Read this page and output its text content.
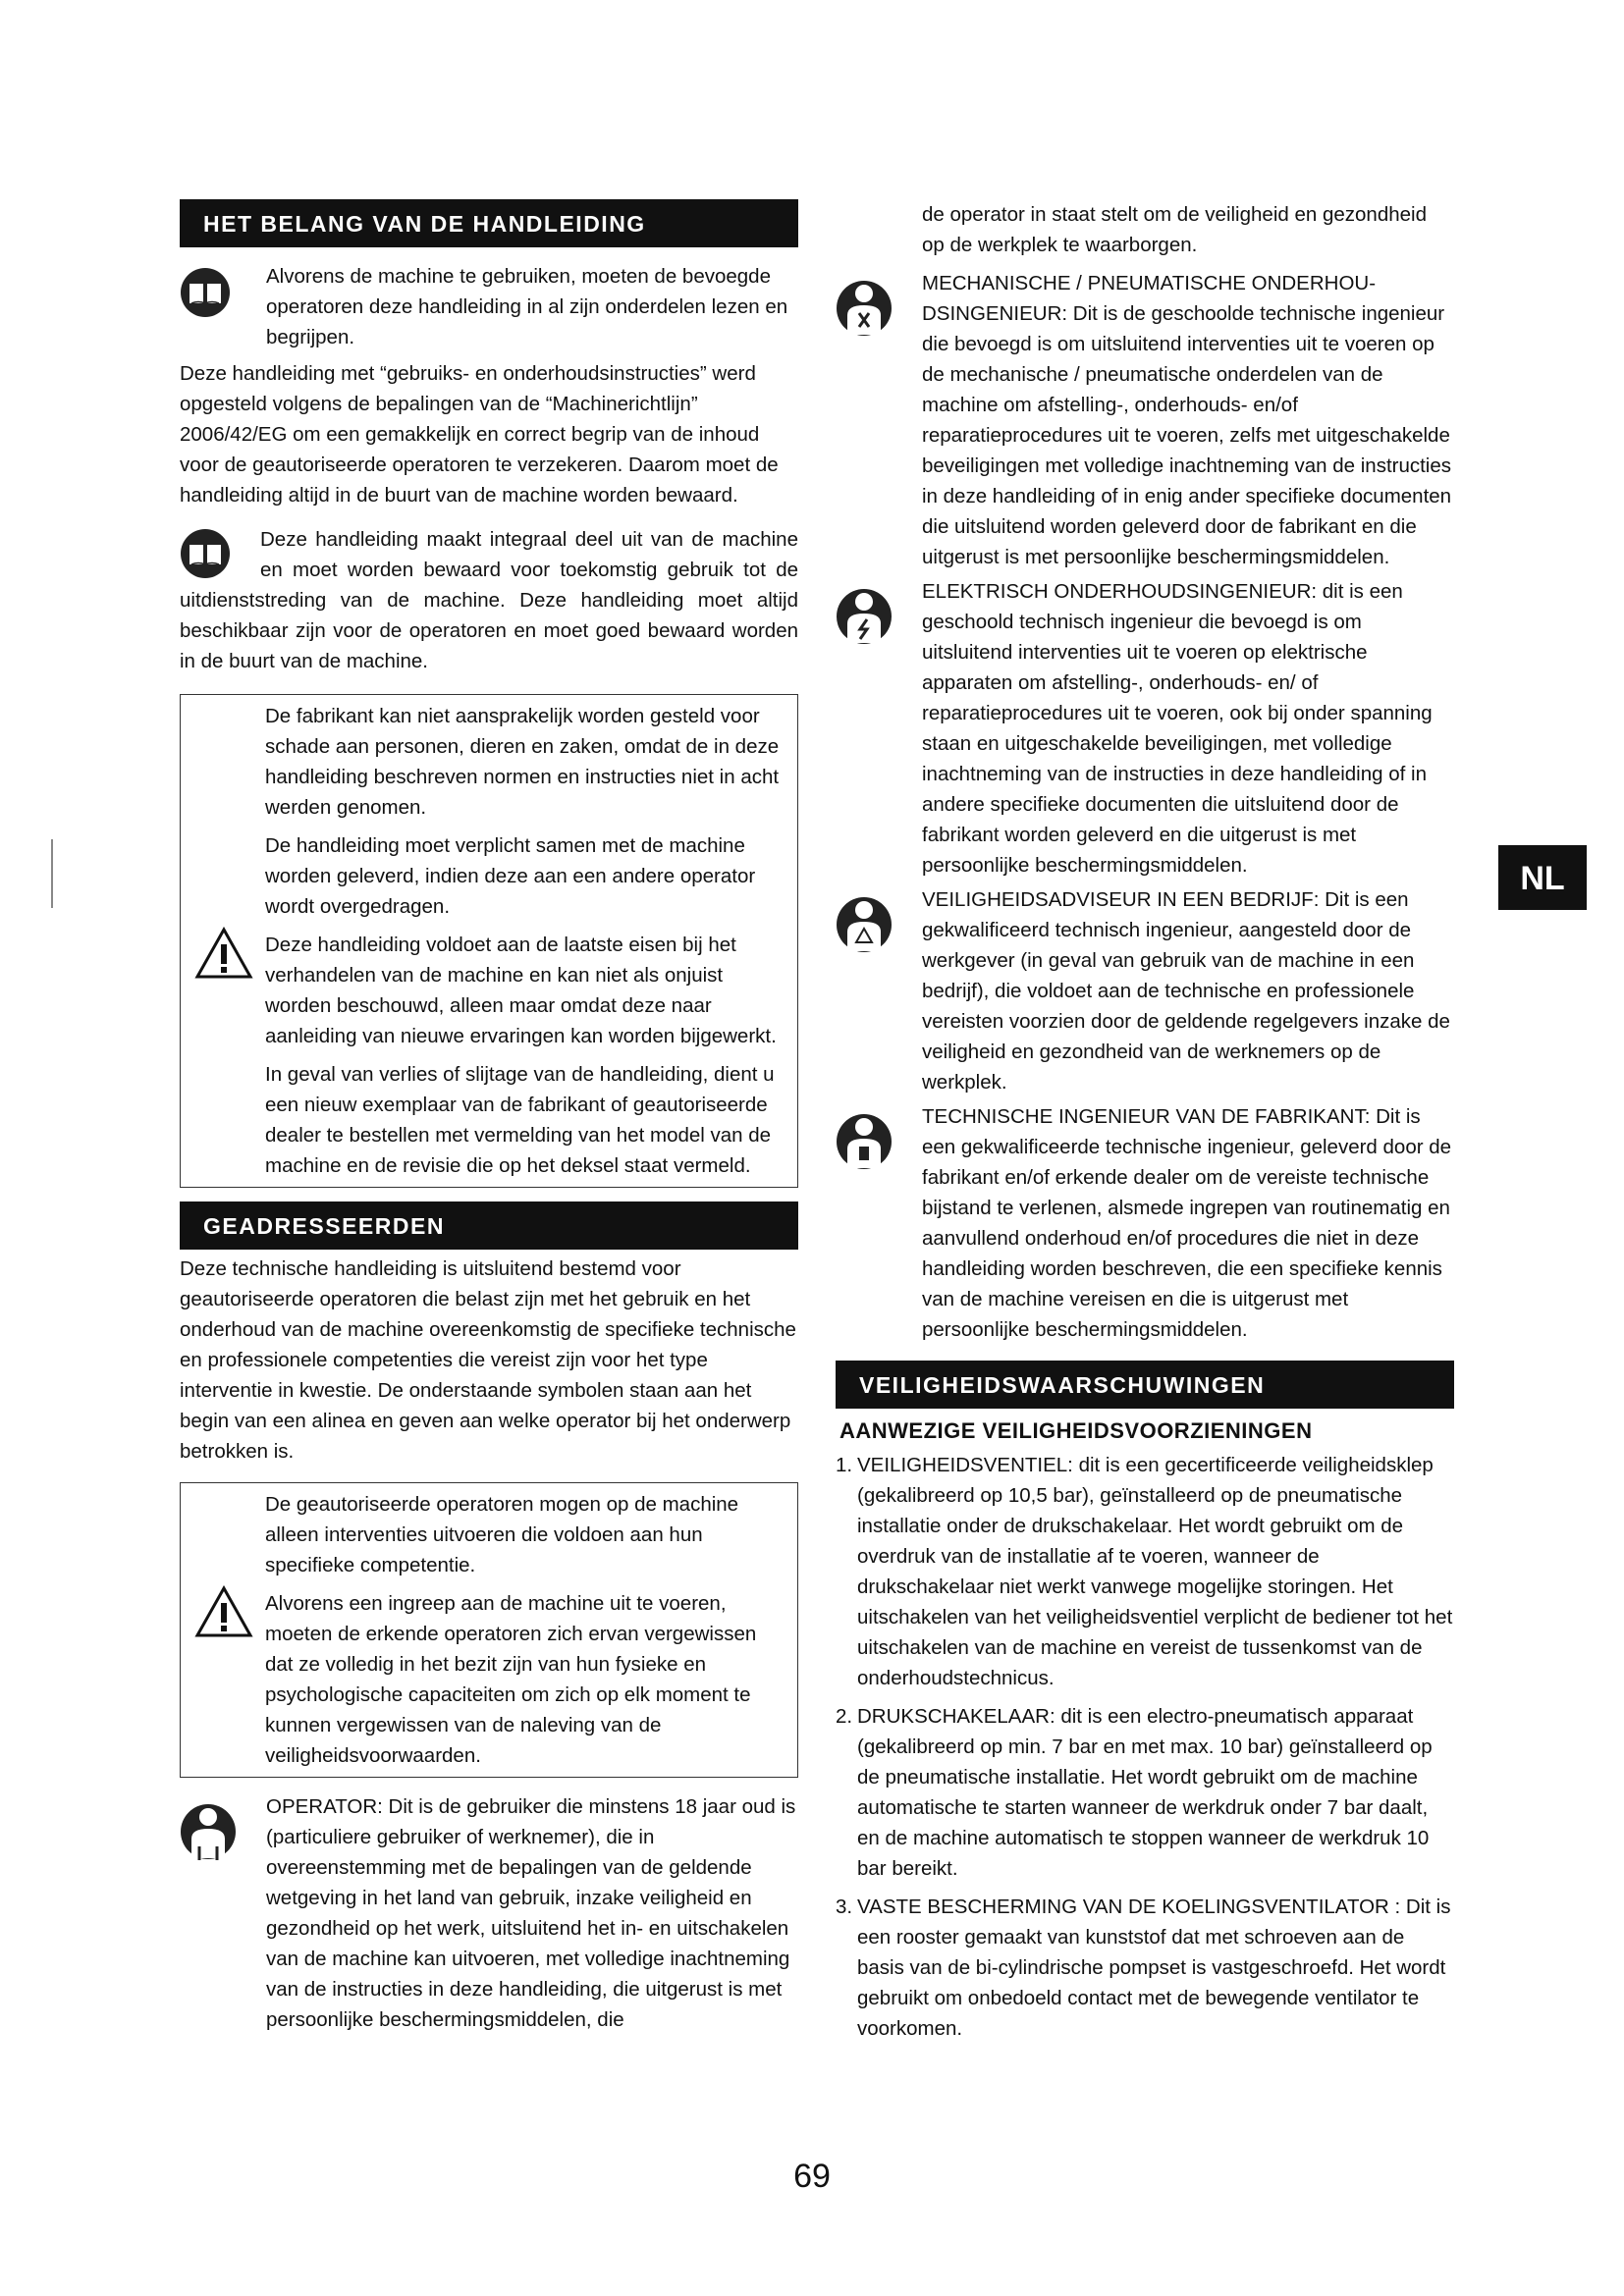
HET BELANG VAN DE HANDLEIDING
Alvorens de machine te gebruiken, moeten de bevoegde operatoren deze handleiding in al zijn onderdelen lezen en begrijpen.
Deze handleiding met “gebruiks- en onderhoudsinstructies” werd opgesteld volgens de bepalingen van de “Machinerichtlijn” 2006/42/EG om een gemakkelijk en correct begrip van de inhoud voor de geautoriseerde operatoren te verzekeren. Daarom moet de handleiding altijd in de buurt van de machine worden bewaard.
Deze handleiding maakt integraal deel uit van de machine en moet worden bewaard voor toekomstig gebruik tot de uitdienststreding van de machine. Deze handleiding moet altijd beschikbaar zijn voor de operatoren en moet goed bewaard worden in de buurt van de machine.
De fabrikant kan niet aansprakelijk worden gesteld voor schade aan personen, dieren en zaken, omdat de in deze handleiding beschreven normen en instructies niet in acht werden genomen.
De handleiding moet verplicht samen met de machine worden geleverd, indien deze aan een andere operator wordt overgedragen.
Deze handleiding voldoet aan de laatste eisen bij het verhandelen van de machine en kan niet als onjuist worden beschouwd, alleen maar omdat deze naar aanleiding van nieuwe ervaringen kan worden bijgewerkt.
In geval van verlies of slijtage van de handleiding, dient u een nieuw exemplaar van de fabrikant of geautoriseerde dealer te bestellen met vermelding van het model van de machine en de revisie die op het deksel staat vermeld.
GEADRESSEERDEN
Deze technische handleiding is uitsluitend bestemd voor geautoriseerde operatoren die belast zijn met het gebruik en het onderhoud van de machine overeenkomstig de specifieke technische en professionele competenties die vereist zijn voor het type interventie in kwestie. De onderstaande symbolen staan aan het begin van een alinea en geven aan welke operator bij het onderwerp betrokken is.
De geautoriseerde operatoren mogen op de machine alleen interventies uitvoeren die voldoen aan hun specifieke competentie.
Alvorens een ingreep aan de machine uit te voeren, moeten de erkende operatoren zich ervan vergewissen dat ze volledig in het bezit zijn van hun fysieke en psychologische capaciteiten om zich op elk moment te kunnen vergewissen van de naleving van de veiligheidsvoorwaarden.
OPERATOR: Dit is de gebruiker die minstens 18 jaar oud is (particuliere gebruiker of werknemer), die in overeenstemming met de bepalingen van de geldende wetgeving in het land van gebruik, inzake veiligheid en gezondheid op het werk, uitsluitend het in- en uitschakelen van de machine kan uitvoeren, met volledige inachtneming van de instructies in deze handleiding, die uitgerust is met persoonlijke beschermingsmiddelen, die
de operator in staat stelt om de veiligheid en gezondheid op de werkplek te waarborgen.
MECHANISCHE / PNEUMATISCHE ONDERHOU-DSINGENIEUR: Dit is de geschoolde technische ingenieur die bevoegd is om uitsluitend interventies uit te voeren op de mechanische / pneumatische onderdelen van de machine om afstelling-, onderhouds- en/of reparatieprocedures uit te voeren, zelfs met uitgeschakelde beveiligingen met volledige inachtneming van de instructies in deze handleiding of in enig ander specifieke documenten die uitsluitend worden geleverd door de fabrikant en die uitgerust is met persoonlijke beschermingsmiddelen.
ELEKTRISCH ONDERHOUDSINGENIEUR: dit is een geschoold technisch ingenieur die bevoegd is om uitsluitend interventies uit te voeren op elektrische apparaten om afstelling-, onderhouds- en/ of reparatieprocedures uit te voeren, ook bij onder spanning staan en uitgeschakelde beveiligingen, met volledige inachtneming van de instructies in deze handleiding of in andere specifieke documenten die uitsluitend door de fabrikant worden geleverd en die uitgerust is met persoonlijke beschermingsmiddelen.
VEILIGHEIDSADVISEUR IN EEN BEDRIJF: Dit is een gekwalificeerd technisch ingenieur, aangesteld door de werkgever (in geval van gebruik van de machine in een bedrijf), die voldoet aan de technische en professionele vereisten voorzien door de geldende regelgevers inzake de veiligheid en gezondheid van de werknemers op de werkplek.
TECHNISCHE INGENIEUR VAN DE FABRIKANT: Dit is een gekwalificeerde technische ingenieur, geleverd door de fabrikant en/of erkende dealer om de vereiste technische bijstand te verlenen, alsmede ingrepen van routinematig en aanvullend onderhoud en/of procedures die niet in deze handleiding worden beschreven, die een specifieke kennis van de machine vereisen en die is uitgerust met persoonlijke beschermingsmiddelen.
VEILIGHEIDSWAARSCHUWINGEN
AANWEZIGE VEILIGHEIDSVOORZIENINGEN
1. VEILIGHEIDSVENTIEL: dit is een gecertificeerde veiligheidsklep (gekalibreerd op 10,5 bar), geïnstalleerd op de pneumatische installatie onder de drukschakelaar. Het wordt gebruikt om de overdruk van de installatie af te voeren, wanneer de drukschakelaar niet werkt vanwege mogelijke storingen. Het uitschakelen van het veiligheidsventiel verplicht de bediener tot het uitschakelen van de machine en vereist de tussenkomst van de onderhoudstechnicus.
2. DRUKSCHAKELAAR: dit is een electro-pneumatisch apparaat (gekalibreerd op min. 7 bar en met max. 10 bar) geïnstalleerd op de pneumatische installatie. Het wordt gebruikt om de machine automatische te starten wanneer de werkdruk onder 7 bar daalt, en de machine automatisch te stoppen wanneer de werkdruk 10 bar bereikt.
3. VASTE BESCHERMING VAN DE KOELINGSVENTILATOR : Dit is een rooster gemaakt van kunststof dat met schroeven aan de basis van de bi-cylindrische pompset is vastgeschroefd. Het wordt gebruikt om onbedoeld contact met de bewegende ventilator te voorkomen.
NL
69
